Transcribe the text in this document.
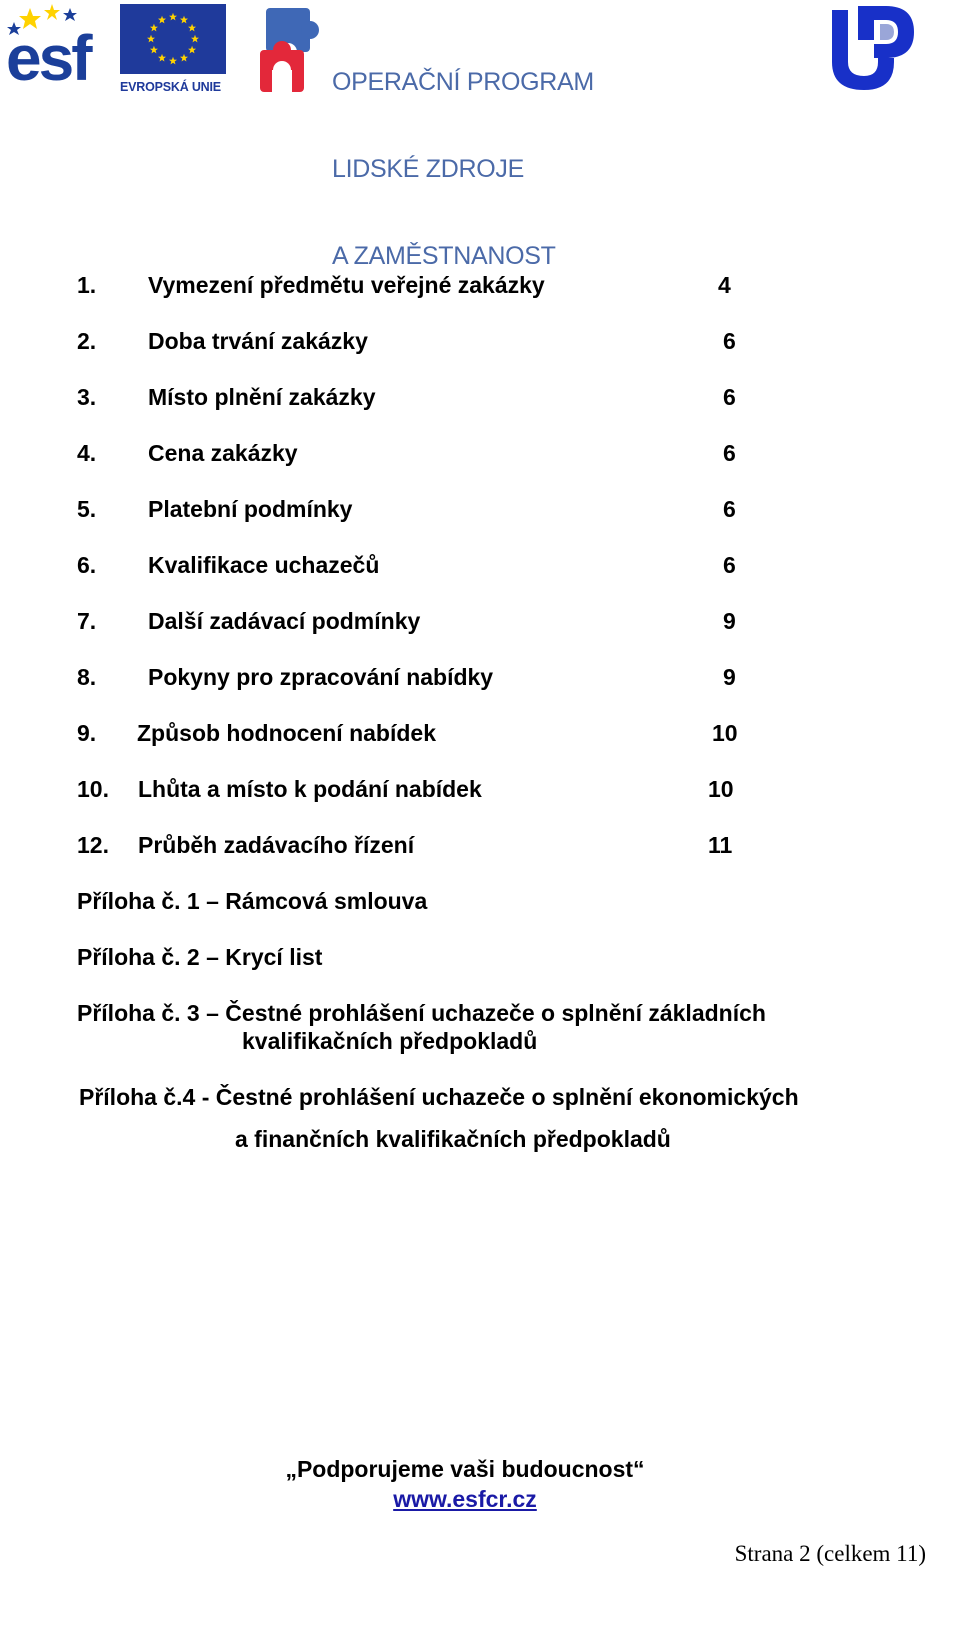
esf EVROPSKÁ UNIE

	OPERAČNÍ PROGRAM

LIDSKÉ ZDROJE

A ZAMĚSTNANOST

1. Vymezení předmětu veřejné zakázky	4
2. Doba trvání zakázky	6
3. Místo plnění zakázky	6
4. Cena zakázky	6
5. Platební podmínky	6
6. Kvalifikace uchazečů	6
7. Další zadávací podmínky	9
8. Pokyny pro zpracování nabídky	9
9. Způsob hodnocení nabídek	10
10. Lhůta a místo k podání nabídek	10
12. Průběh zadávacího řízení	11
Příloha č. 1 – Rámcová smlouva
Příloha č. 2 – Krycí list
Příloha č. 3 – Čestné prohlášení uchazeče o splnění základních
kvalifikačních předpokladů
Příloha č.4 - Čestné prohlášení uchazeče o splnění ekonomických
a finančních kvalifikačních předpokladů
„Podporujeme vaši budoucnost“
www.esfcr.cz
Strana 2 (celkem 11)
